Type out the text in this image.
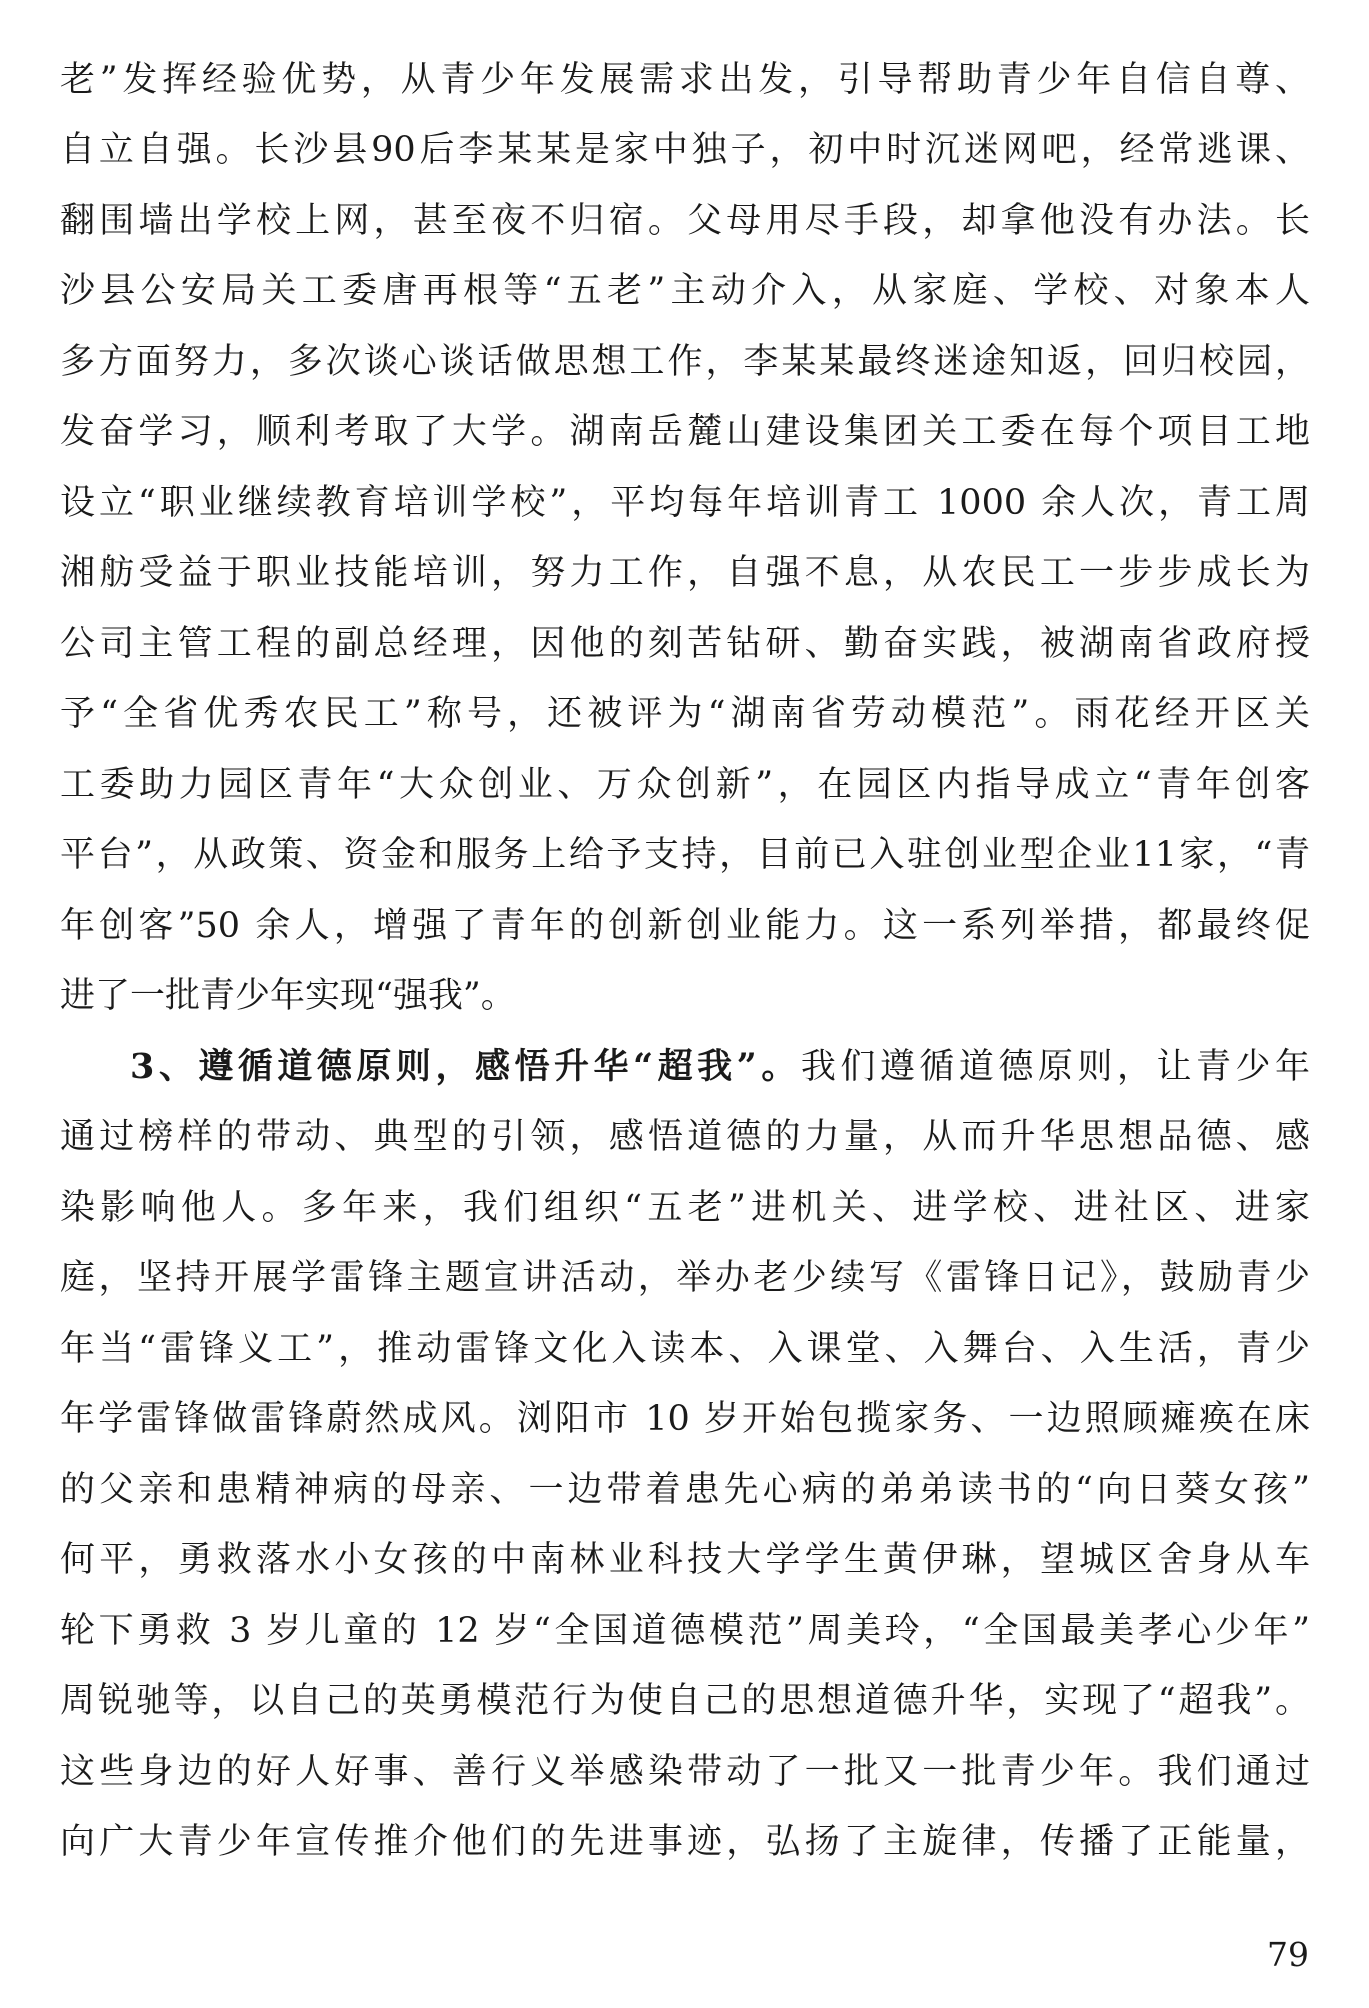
老”发挥经验优势，从青少年发展需求出发，引导帮助青少年自信自尊、
自立自强。长沙县90后李某某是家中独子，初中时沉迷网吧，经常逃课、
翻围墙出学校上网，甚至夜不归宿。父母用尽手段，却拿他没有办法。长
沙县公安局关工委唐再根等“五老”主动介入，从家庭、学校、对象本人
多方面努力，多次谈心谈话做思想工作，李某某最终迷途知返，回归校园，
发奋学习，顺利考取了大学。湖南岳麓山建设集团关工委在每个项目工地
设立“职业继续教育培训学校”，平均每年培训青工 1000 余人次，青工周
湘舫受益于职业技能培训，努力工作，自强不息，从农民工一步步成长为
公司主管工程的副总经理，因他的刻苦钻研、勤奋实践，被湖南省政府授
予“全省优秀农民工”称号，还被评为“湖南省劳动模范”。雨花经开区关
工委助力园区青年“大众创业、万众创新”，在园区内指导成立“青年创客
平台”，从政策、资金和服务上给予支持，目前已入驻创业型企业11家，“青
年创客”50 余人，增强了青年的创新创业能力。这一系列举措，都最终促
进了一批青少年实现“强我”。
3、遵循道德原则，感悟升华“超我”。我们遵循道德原则，让青少年
通过榜样的带动、典型的引领，感悟道德的力量，从而升华思想品德、感
染影响他人。多年来，我们组织“五老”进机关、进学校、进社区、进家
庭，坚持开展学雷锋主题宣讲活动，举办老少续写《雷锋日记》，鼓励青少
年当“雷锋义工”，推动雷锋文化入读本、入课堂、入舞台、入生活，青少
年学雷锋做雷锋蔚然成风。浏阳市 10 岁开始包揽家务、一边照顾瘫痪在床
的父亲和患精神病的母亲、一边带着患先心病的弟弟读书的“向日葵女孩”
何平，勇救落水小女孩的中南林业科技大学学生黄伊琳，望城区舍身从车
轮下勇救 3 岁儿童的 12 岁“全国道德模范”周美玲，“全国最美孝心少年”
周锐驰等，以自己的英勇模范行为使自己的思想道德升华，实现了“超我”。
这些身边的好人好事、善行义举感染带动了一批又一批青少年。我们通过
向广大青少年宣传推介他们的先进事迹，弘扬了主旋律，传播了正能量，
79
